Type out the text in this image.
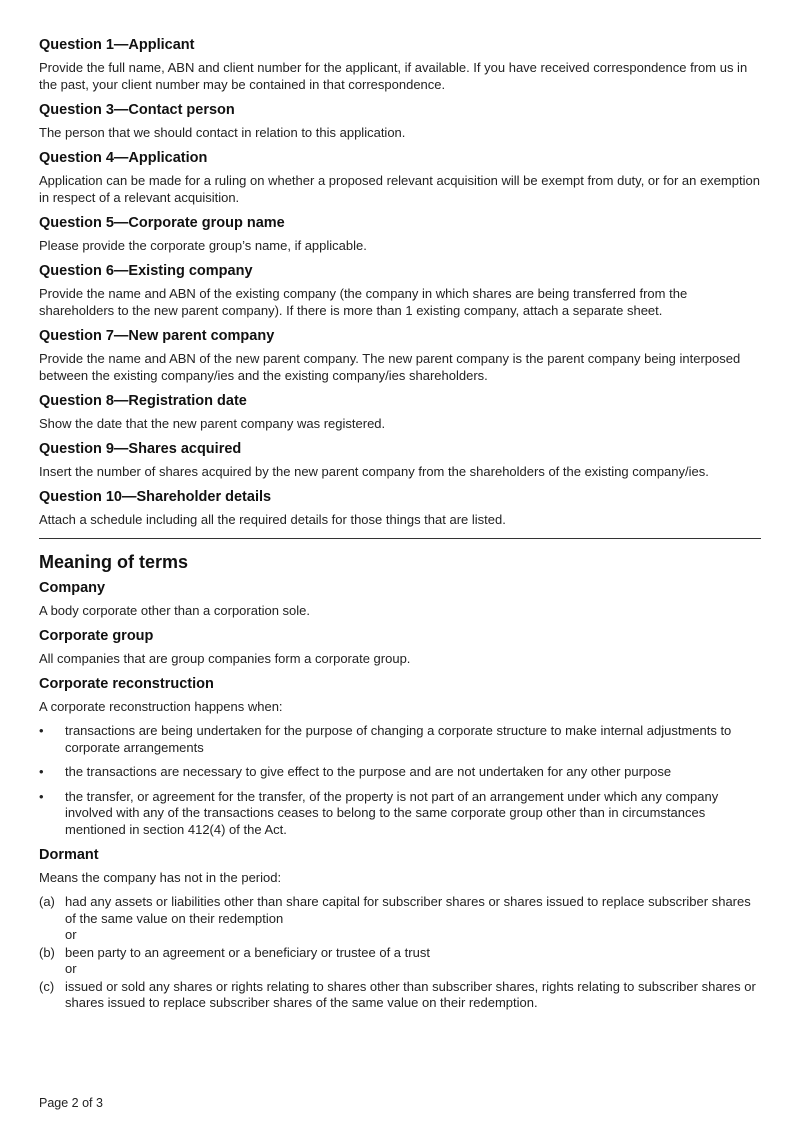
Question 1—Applicant

Provide the full name, ABN and client number for the applicant, if available. If you have received correspondence from us in the past, your client number may be contained in that correspondence.

Question 3—Contact person

The person that we should contact in relation to this application.

Question 4—Application

Application can be made for a ruling on whether a proposed relevant acquisition will be exempt from duty, or for an exemption in respect of a relevant acquisition.

Question 5—Corporate group name

Please provide the corporate group’s name, if applicable.

Question 6—Existing company

Provide the name and ABN of the existing company (the company in which shares are being transferred from the shareholders to the new parent company). If there is more than 1 existing company, attach a separate sheet.

Question 7—New parent company

Provide the name and ABN of the new parent company. The new parent company is the parent company being interposed between the existing company/ies and the existing company/ies shareholders.

Question 8—Registration date

Show the date that the new parent company was registered.

Question 9—Shares acquired

Insert the number of shares acquired by the new parent company from the shareholders of the existing company/ies.

Question 10—Shareholder details

Attach a schedule including all the required details for those things that are listed.

Meaning of terms
Company

A body corporate other than a corporation sole.

Corporate group

All companies that are group companies form a corporate group.

Corporate reconstruction

A corporate reconstruction happens when:

•	transactions are being undertaken for the purpose of changing a corporate structure to make internal adjustments to corporate arrangements
•	the transactions are necessary to give effect to the purpose and are not undertaken for any other purpose
•	the transfer, or agreement for the transfer, of the property is not part of an arrangement under which any company involved with any of the transactions ceases to belong to the same corporate group other than in circumstances mentioned in section 412(4) of the Act.
Dormant

Means the company has not in the period:

(a) had any assets or liabilities other than share capital for subscriber shares or shares issued to replace subscriber shares of the same value on their redemption
or
(b) been party to an agreement or a beneficiary or trustee of a trust
or
(c) issued or sold any shares or rights relating to shares other than subscriber shares, rights relating to subscriber shares or shares issued to replace subscriber shares of the same value on their redemption.
Page 2 of 3
